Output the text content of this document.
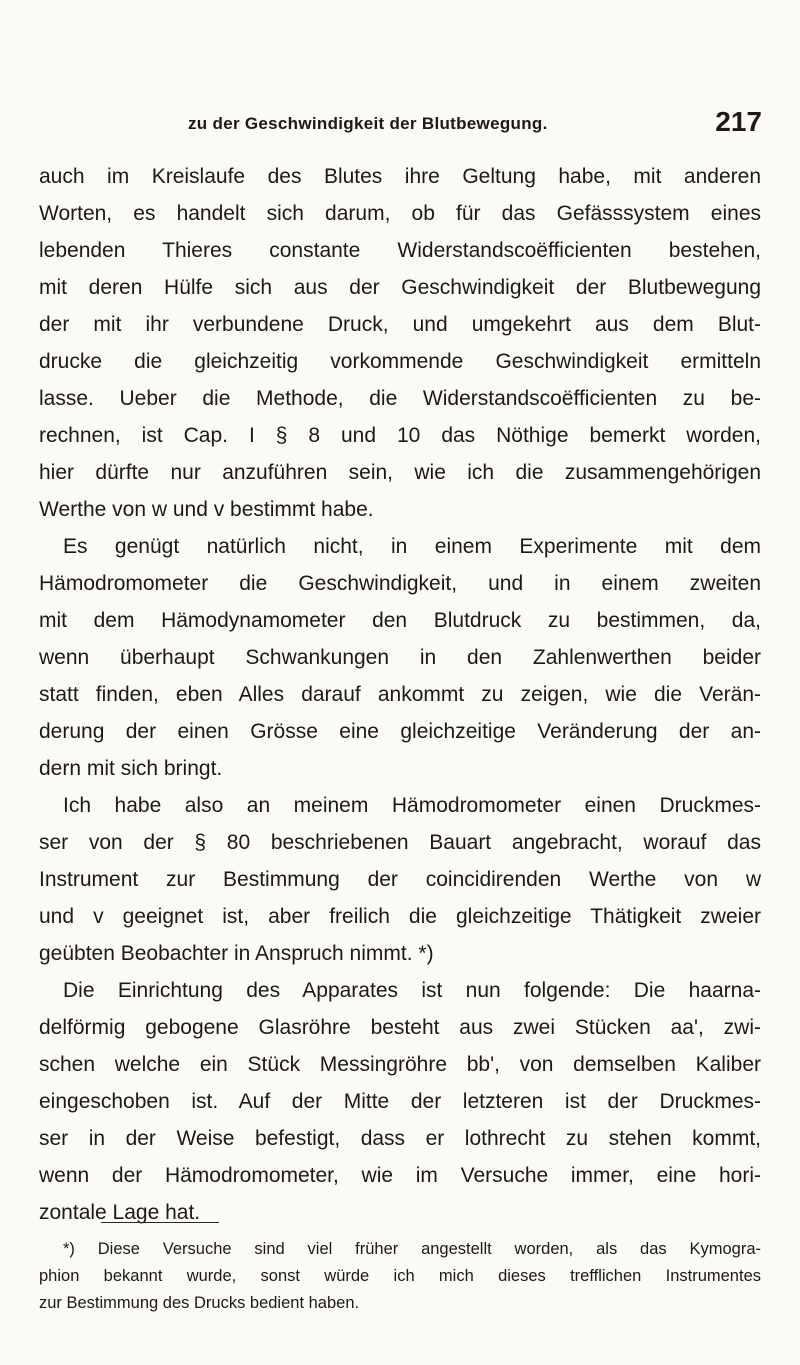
zu der Geschwindigkeit der Blutbewegung.	217
auch im Kreislaufe des Blutes ihre Geltung habe, mit anderen
Worten, es handelt sich darum, ob für das Gefässsystem eines
lebenden Thieres constante Widerstandscoëfficienten bestehen,
mit deren Hülfe sich aus der Geschwindigkeit der Blutbewegung
der mit ihr verbundene Druck, und umgekehrt aus dem Blut-
drucke die gleichzeitig vorkommende Geschwindigkeit ermitteln
lasse. Ueber die Methode, die Widerstandscoëfficienten zu be-
rechnen, ist Cap. I § 8 und 10 das Nöthige bemerkt worden,
hier dürfte nur anzuführen sein, wie ich die zusammengehörigen
Werthe von w und v bestimmt habe.
Es genügt natürlich nicht, in einem Experimente mit dem
Hämodromometer die Geschwindigkeit, und in einem zweiten
mit dem Hämodynamometer den Blutdruck zu bestimmen, da,
wenn überhaupt Schwankungen in den Zahlenwerthen beider
statt finden, eben Alles darauf ankommt zu zeigen, wie die Verän-
derung der einen Grösse eine gleichzeitige Veränderung der an-
dern mit sich bringt.
Ich habe also an meinem Hämodromometer einen Druckmes-
ser von der § 80 beschriebenen Bauart angebracht, worauf das
Instrument zur Bestimmung der coincidirenden Werthe von w
und v geeignet ist, aber freilich die gleichzeitige Thätigkeit zweier
geübten Beobachter in Anspruch nimmt. *)
Die Einrichtung des Apparates ist nun folgende: Die haarna-
delförmig gebogene Glasröhre besteht aus zwei Stücken aa', zwi-
schen welche ein Stück Messingröhre bb', von demselben Kaliber
eingeschoben ist. Auf der Mitte der letzteren ist der Druckmes-
ser in der Weise befestigt, dass er lothrecht zu stehen kommt,
wenn der Hämodromometer, wie im Versuche immer, eine hori-
zontale Lage hat.
*) Diese Versuche sind viel früher angestellt worden, als das Kymogra-
phion bekannt wurde, sonst würde ich mich dieses trefflichen Instrumentes
zur Bestimmung des Drucks bedient haben.
